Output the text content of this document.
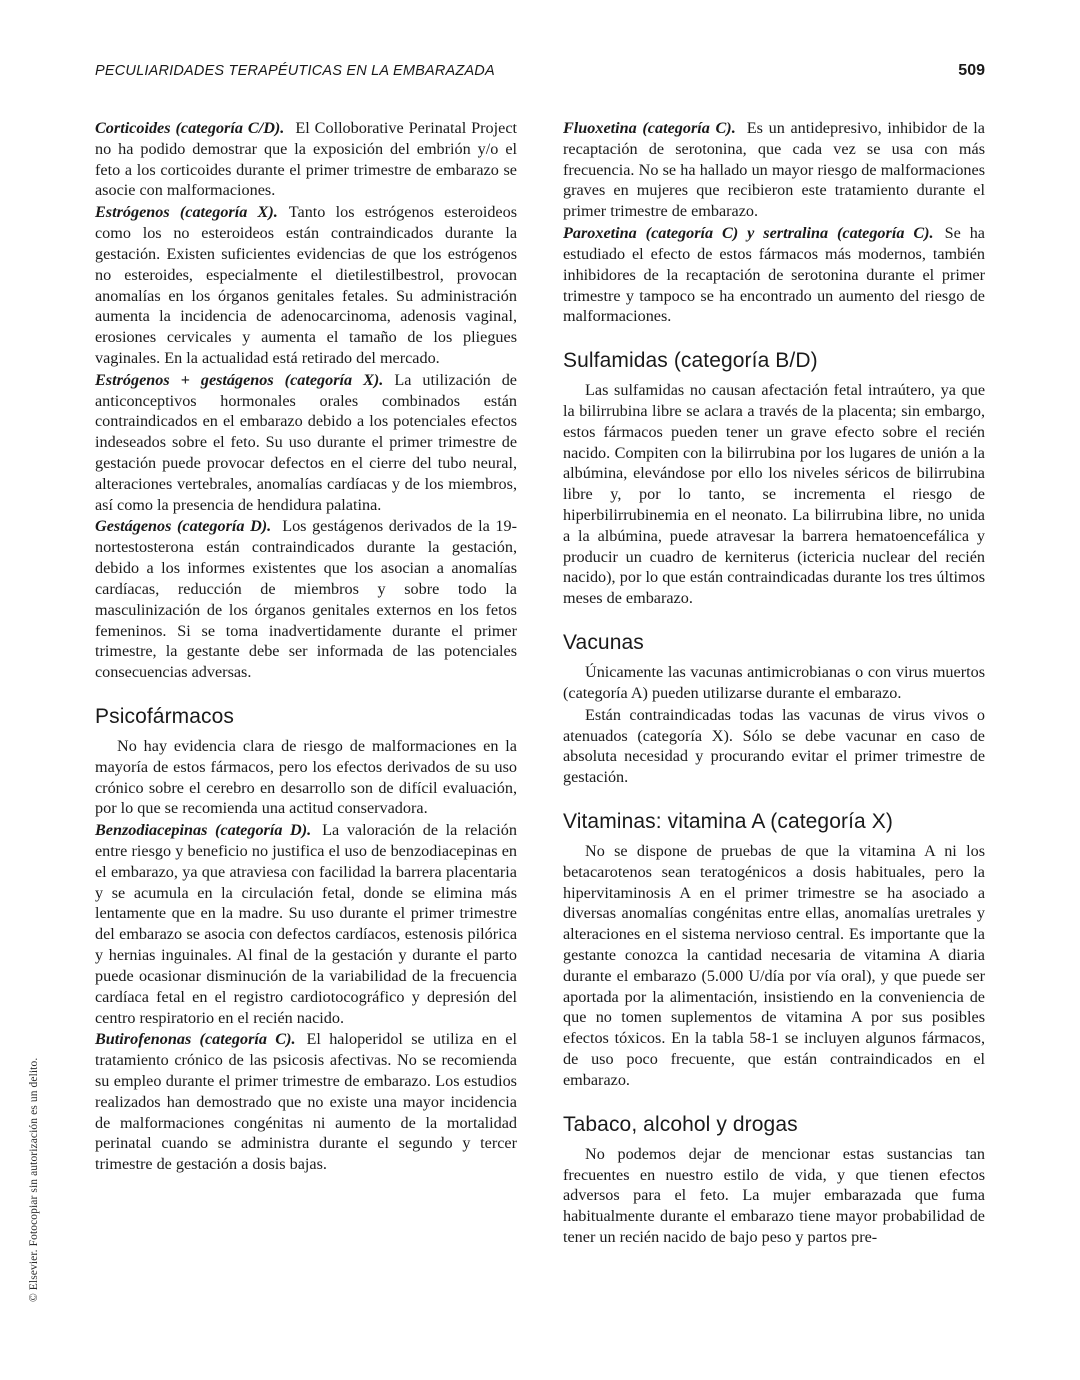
PECULIARIDADES TERAPÉUTICAS EN LA EMBARAZADA	509
© Elsevier. Fotocopiar sin autorización es un delito.

Corticoides (categoría C/D). El Colloborative Perinatal Project no ha podido demostrar que la exposición del embrión y/o el feto a los corticoides durante el primer trimestre de embarazo se asocie con malformaciones.

Estrógenos (categoría X). Tanto los estrógenos esteroideos como los no esteroideos están contraindicados durante la gestación. Existen suficientes evidencias de que los estrógenos no esteroides, especialmente el dietilestilbestrol, provocan anomalías en los órganos genitales fetales. Su administración aumenta la incidencia de adenocarcinoma, adenosis vaginal, erosiones cervicales y aumenta el tamaño de los pliegues vaginales. En la actualidad está retirado del mercado.

Estrógenos + gestágenos (categoría X). La utilización de anticonceptivos hormonales orales combinados están contraindicados en el embarazo debido a los potenciales efectos indeseados sobre el feto. Su uso durante el primer trimestre de gestación puede provocar defectos en el cierre del tubo neural, alteraciones vertebrales, anomalías cardíacas y de los miembros, así como la presencia de hendidura palatina.

Gestágenos (categoría D). Los gestágenos derivados de la 19-nortestosterona están contraindicados durante la gestación, debido a los informes existentes que los asocian a anomalías cardíacas, reducción de miembros y sobre todo la masculinización de los órganos genitales externos en los fetos femeninos. Si se toma inadvertidamente durante el primer trimestre, la gestante debe ser informada de las potenciales consecuencias adversas.

Psicofármacos

No hay evidencia clara de riesgo de malformaciones en la mayoría de estos fármacos, pero los efectos derivados de su uso crónico sobre el cerebro en desarrollo son de difícil evaluación, por lo que se recomienda una actitud conservadora.

Benzodiacepinas (categoría D). La valoración de la relación entre riesgo y beneficio no justifica el uso de benzodiacepinas en el embarazo, ya que atraviesa con facilidad la barrera placentaria y se acumula en la circulación fetal, donde se elimina más lentamente que en la madre. Su uso durante el primer trimestre del embarazo se asocia con defectos cardíacos, estenosis pilórica y hernias inguinales. Al final de la gestación y durante el parto puede ocasionar disminución de la variabilidad de la frecuencia cardíaca fetal en el registro cardiotocográfico y depresión del centro respiratorio en el recién nacido.

Butirofenonas (categoría C). El haloperidol se utiliza en el tratamiento crónico de las psicosis afectivas. No se recomienda su empleo durante el primer trimestre de embarazo. Los estudios realizados han demostrado que no existe una mayor incidencia de malformaciones congénitas ni aumento de la mortalidad perinatal cuando se administra durante el segundo y tercer trimestre de gestación a dosis bajas.

Fluoxetina (categoría C). Es un antidepresivo, inhibidor de la recaptación de serotonina, que cada vez se usa con más frecuencia. No se ha hallado un mayor riesgo de malformaciones graves en mujeres que recibieron este tratamiento durante el primer trimestre de embarazo.

Paroxetina (categoría C) y sertralina (categoría C). Se ha estudiado el efecto de estos fármacos más modernos, también inhibidores de la recaptación de serotonina durante el primer trimestre y tampoco se ha encontrado un aumento del riesgo de malformaciones.

Sulfamidas (categoría B/D)

Las sulfamidas no causan afectación fetal intraútero, ya que la bilirrubina libre se aclara a través de la placenta; sin embargo, estos fármacos pueden tener un grave efecto sobre el recién nacido. Compiten con la bilirrubina por los lugares de unión a la albúmina, elevándose por ello los niveles séricos de bilirrubina libre y, por lo tanto, se incrementa el riesgo de hiperbilirrubinemia en el neonato. La bilirrubina libre, no unida a la albúmina, puede atravesar la barrera hematoencefálica y producir un cuadro de kerniterus (ictericia nuclear del recién nacido), por lo que están contraindicadas durante los tres últimos meses de embarazo.

Vacunas

Únicamente las vacunas antimicrobianas o con virus muertos (categoría A) pueden utilizarse durante el embarazo.

Están contraindicadas todas las vacunas de virus vivos o atenuados (categoría X). Sólo se debe vacunar en caso de absoluta necesidad y procurando evitar el primer trimestre de gestación.

Vitaminas: vitamina A (categoría X)

No se dispone de pruebas de que la vitamina A ni los betacarotenos sean teratogénicos a dosis habituales, pero la hipervitaminosis A en el primer trimestre se ha asociado a diversas anomalías congénitas entre ellas, anomalías uretrales y alteraciones en el sistema nervioso central. Es importante que la gestante conozca la cantidad necesaria de vitamina A diaria durante el embarazo (5.000 U/día por vía oral), y que puede ser aportada por la alimentación, insistiendo en la conveniencia de que no tomen suplementos de vitamina A por sus posibles efectos tóxicos. En la tabla 58-1 se incluyen algunos fármacos, de uso poco frecuente, que están contraindicados en el embarazo.

Tabaco, alcohol y drogas

No podemos dejar de mencionar estas sustancias tan frecuentes en nuestro estilo de vida, y que tienen efectos adversos para el feto. La mujer embarazada que fuma habitualmente durante el embarazo tiene mayor probabilidad de tener un recién nacido de bajo peso y partos pre-
